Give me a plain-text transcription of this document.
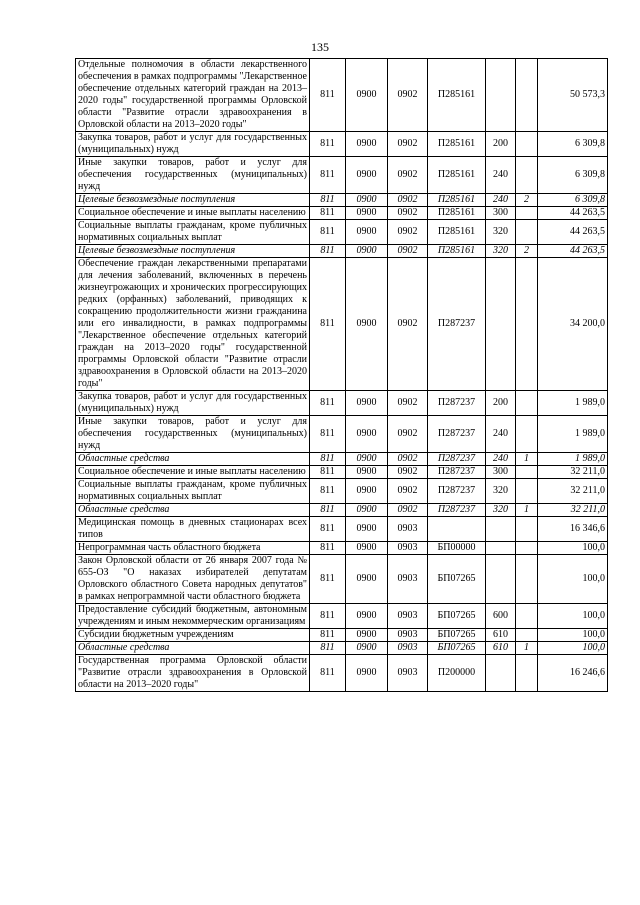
135
Отдельные полномочия в области лекарственного обеспечения в рамках подпрограммы "Лекарственное обеспечение отдельных категорий граждан на 2013–2020 годы" государственной программы Орловской области "Развитие отрасли здравоохранения в Орловской области на 2013–2020 годы"	811	0900	0902	П285161			50 573,3
Закупка товаров, работ и услуг для государственных (муниципальных) нужд	811	0900	0902	П285161	200		6 309,8
Иные закупки товаров, работ и услуг для обеспечения государственных (муниципальных) нужд	811	0900	0902	П285161	240		6 309,8
Целевые безвозмездные поступления	811	0900	0902	П285161	240	2	6 309,8
Социальное обеспечение и иные выплаты населению	811	0900	0902	П285161	300		44 263,5
Социальные выплаты гражданам, кроме публичных нормативных социальных выплат	811	0900	0902	П285161	320		44 263,5
Целевые безвозмездные поступления	811	0900	0902	П285161	320	2	44 263,5
Обеспечение граждан лекарственными препаратами для лечения заболеваний, включенных в перечень жизнеугрожающих и хронических прогрессирующих редких (орфанных) заболеваний, приводящих к сокращению продолжительности жизни гражданина или его инвалидности, в рамках подпрограммы "Лекарственное обеспечение отдельных категорий граждан на 2013–2020 годы" государственной программы Орловской области "Развитие отрасли здравоохранения в Орловской области на 2013–2020 годы"	811	0900	0902	П287237			34 200,0
Закупка товаров, работ и услуг для государственных (муниципальных) нужд	811	0900	0902	П287237	200		1 989,0
Иные закупки товаров, работ и услуг для обеспечения государственных (муниципальных) нужд	811	0900	0902	П287237	240		1 989,0
Областные средства	811	0900	0902	П287237	240	1	1 989,0
Социальное обеспечение и иные выплаты населению	811	0900	0902	П287237	300		32 211,0
Социальные выплаты гражданам, кроме публичных нормативных социальных выплат	811	0900	0902	П287237	320		32 211,0
Областные средства	811	0900	0902	П287237	320	1	32 211,0
Медицинская помощь в дневных стационарах всех типов	811	0900	0903				16 346,6
Непрограммная часть областного бюджета	811	0900	0903	БП00000			100,0
Закон Орловской области от 26 января 2007 года № 655-ОЗ "О наказах избирателей депутатам Орловского областного Совета народных депутатов" в рамках непрограммной части областного бюджета	811	0900	0903	БП07265			100,0
Предоставление субсидий бюджетным, автономным учреждениям и иным некоммерческим организациям	811	0900	0903	БП07265	600		100,0
Субсидии бюджетным учреждениям	811	0900	0903	БП07265	610		100,0
Областные средства	811	0900	0903	БП07265	610	1	100,0
Государственная программа Орловской области "Развитие отрасли здравоохранения в Орловской области на 2013–2020 годы"	811	0900	0903	П200000			16 246,6
